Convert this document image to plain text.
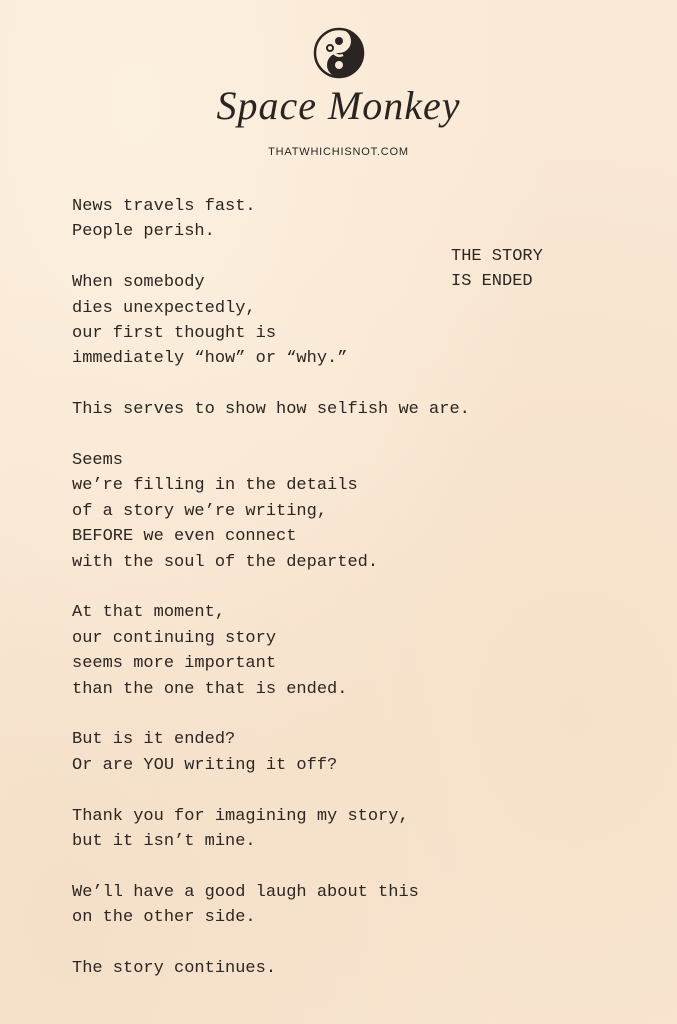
Space Monkey
THATWHICHISNOT.COM
THE STORY
IS ENDED
News travels fast.
People perish.
When somebody
dies unexpectedly,
our first thought is
immediately “how” or “why.”
This serves to show how selfish we are.
Seems
we’re filling in the details
of a story we’re writing,
BEFORE we even connect
with the soul of the departed.
At that moment,
our continuing story
seems more important
than the one that is ended.
But is it ended?
Or are YOU writing it off?
Thank you for imagining my story,
but it isn’t mine.
We’ll have a good laugh about this
on the other side.
The story continues.
